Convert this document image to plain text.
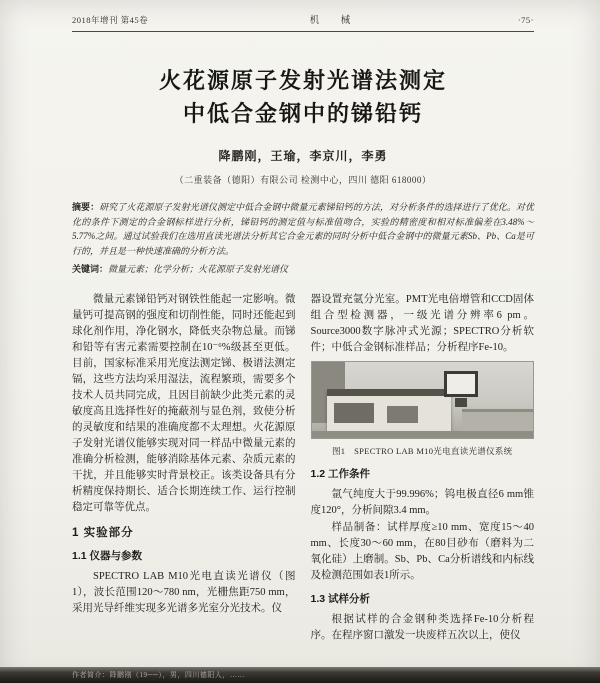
2018年增刊 第45卷	机　械	·75·
火花源原子发射光谱法测定
中低合金钢中的锑铅钙
降鹏刚，王瑜，李京川，李勇
（二重装备（德阳）有限公司 检测中心，四川 德阳 618000）
摘要：研究了火花源原子发射光谱仪测定中低合金钢中微量元素锑铅钙的方法，对分析条件的选择进行了优化。对优化的条件下测定的合金钢标样进行分析，锑铅钙的测定值与标准值吻合，实验的精密度和相对标准偏差在3.48%～5.77%之间。通过试验我们在选用直读光谱法分析其它合金元素的同时分析中低合金钢中的微量元素Sb、Pb、Ca是可行的，并且是一种快速准确的分析方法。
关键词：微量元素；化学分析；火花源原子发射光谱仪

微量元素锑铅钙对钢铁性能起一定影响。微量钙可提高钢的强度和切削性能，同时还能起到球化剂作用，净化钢水，降低夹杂物总量。而锑和铅等有害元素需要控制在10⁻⁶%级甚至更低。目前，国家标准采用光度法测定锑、极谱法测定镉，这些方法均采用湿法，流程繁琐，需要多个技术人员共同完成，且因目前缺少此类元素的灵敏度高且选择性好的掩蔽剂与显色剂，致使分析的灵敏度和结果的准确度都不太理想。火花源原子发射光谱仪能够实现对同一样品中微量元素的准确分析检测，能够消除基体元素、杂质元素的干扰，并且能够实时背景校正。该类设备具有分析精度保持期长、适合长期连续工作、运行控制稳定可靠等优点。

1 实验部分
1.1 仪器与参数

SPECTRO LAB M10光电直读光谱仪（图1），波长范围120～780 nm，光栅焦距750 mm，采用光导纤维实现多光谱多光室分光技术。仪

器设置充氩分光室。PMT光电倍增管和CCD固体组合型检测器，一级光谱分辨率6 pm。Source3000数字脉冲式光源；SPECTRO分析软件；中低合金钢标准样品；分析程序Fe-10。

图1　SPECTRO LAB M10光电直读光谱仪系统
1.2 工作条件

氩气纯度大于99.996%；钨电极直径6 mm锥度120°，分析间隙3.4 mm。

样品制备：试样厚度≥10 mm、宽度15～40 mm、长度30～60 mm，在80目砂布（磨料为二氧化硅）上磨制。Sb、Pb、Ca分析谱线和内标线及检测范围如表1所示。

1.3 试样分析

根据试样的合金钢种类选择Fe-10分析程序。在程序窗口激发一块废样五次以上，使仪

作者简介：降鹏刚（19──），男，四川德阳人，……
